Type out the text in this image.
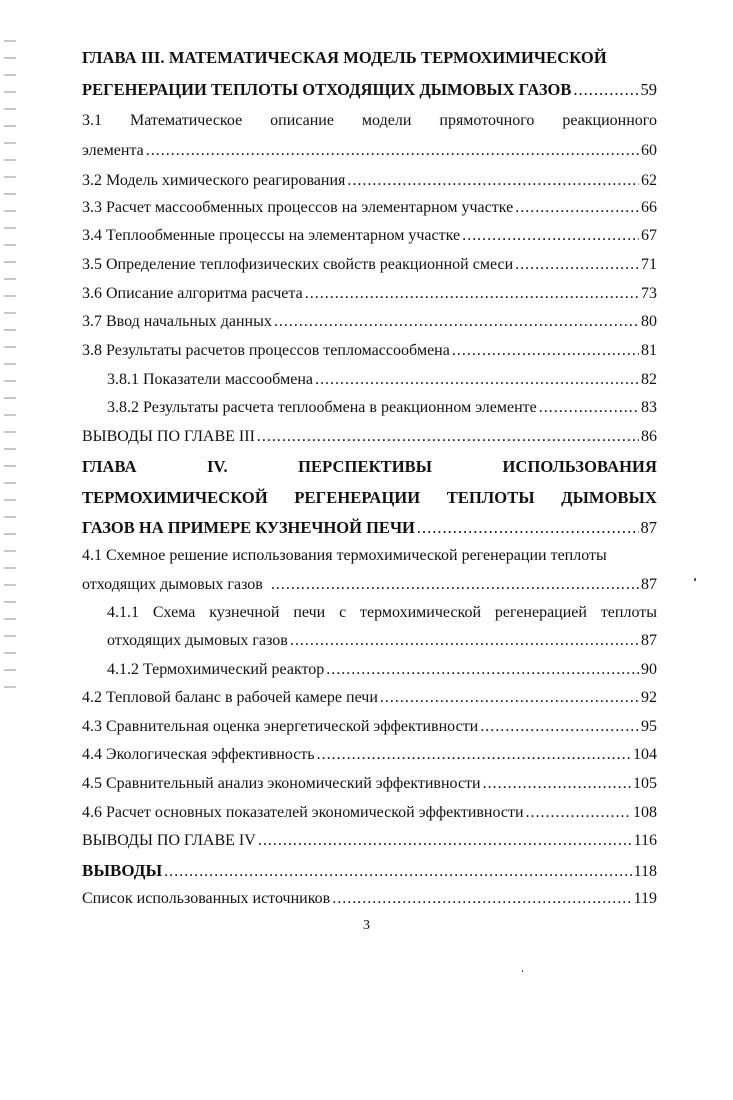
ГЛАВА III. МАТЕМАТИЧЕСКАЯ МОДЕЛЬ ТЕРМОХИМИЧЕСКОЙ
РЕГЕНЕРАЦИИ ТЕПЛОТЫ ОТХОДЯЩИХ ДЫМОВЫХ ГАЗОВ .....	59
3.1 Математическое описание модели прямоточного реакционного
элемента .....	60
3.2 Модель химического реагирования .....	62
3.3 Расчет массообменных процессов на элементарном участке .....	66
3.4 Теплообменные процессы на элементарном участке .....	67
3.5 Определение теплофизических свойств реакционной смеси .....	71
3.6 Описание алгоритма расчета .....	73
3.7 Ввод начальных данных .....	80
3.8 Результаты расчетов процессов тепломассообмена .....	81
3.8.1 Показатели массообмена .....	82
3.8.2 Результаты расчета теплообмена в реакционном элементе .....	83
ВЫВОДЫ ПО ГЛАВЕ III .....	86
ГЛАВА	IV.	ПЕРСПЕКТИВЫ	ИСПОЛЬЗОВАНИЯ
ТЕРМОХИМИЧЕСКОЙ РЕГЕНЕРАЦИИ ТЕПЛОТЫ ДЫМОВЫХ
ГАЗОВ НА ПРИМЕРЕ КУЗНЕЧНОЙ ПЕЧИ .....	87
4.1 Схемное решение использования термохимической регенерации теплоты
отходящих дымовых газов .....	87
4.1.1 Схема кузнечной печи с термохимической регенерацией теплоты
отходящих дымовых газов .....	87
4.1.2 Термохимический реактор .....	90
4.2 Тепловой баланс в рабочей камере печи .....	92
4.3 Сравнительная оценка энергетической эффективности .....	95
4.4 Экологическая эффективность .....	104
4.5 Сравнительный анализ экономический эффективности .....	105
4.6 Расчет основных показателей экономической эффективности .....	108
ВЫВОДЫ ПО ГЛАВЕ IV .....	116
ВЫВОДЫ .....	118
Список использованных источников .....	119
3
